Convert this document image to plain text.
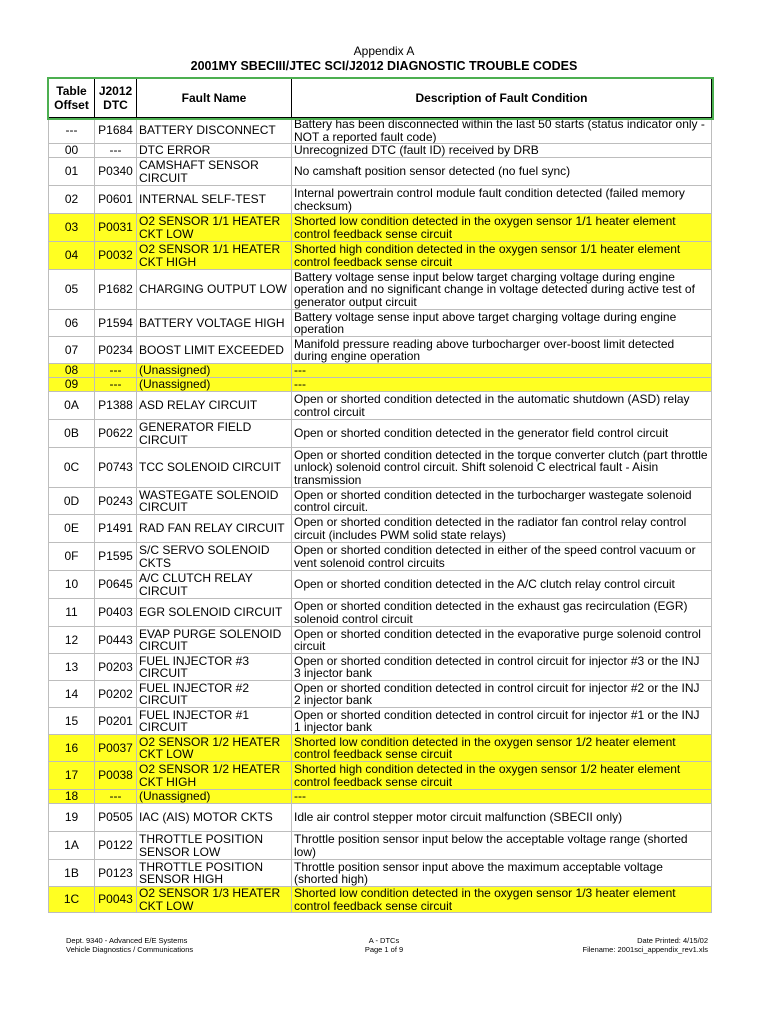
Appendix A
2001MY SBECIII/JTEC SCI/J2012 DIAGNOSTIC TROUBLE CODES
Table Offset	J2012 DTC	Fault Name	Description of Fault Condition
---	P1684	BATTERY DISCONNECT	Battery has been disconnected within the last 50 starts (status indicator only - NOT a reported fault code)
00	---	DTC ERROR	Unrecognized DTC (fault ID) received by DRB
01	P0340	CAMSHAFT SENSOR CIRCUIT	No camshaft position sensor detected (no fuel sync)
02	P0601	INTERNAL SELF-TEST	Internal powertrain control module fault condition detected (failed memory checksum)
03	P0031	O2 SENSOR 1/1 HEATER CKT LOW	Shorted low condition detected in the oxygen sensor 1/1 heater element control feedback sense circuit
04	P0032	O2 SENSOR 1/1 HEATER CKT HIGH	Shorted high condition detected in the oxygen sensor 1/1 heater element control feedback sense circuit
05	P1682	CHARGING OUTPUT LOW	Battery voltage sense input below target charging voltage during engine operation and no significant change in voltage detected during active test of generator output circuit
06	P1594	BATTERY VOLTAGE HIGH	Battery voltage sense input above target charging voltage during engine operation
07	P0234	BOOST LIMIT EXCEEDED	Manifold pressure reading above turbocharger over-boost limit detected during engine operation
08	---	(Unassigned)	---
09	---	(Unassigned)	---
0A	P1388	ASD RELAY CIRCUIT	Open or shorted condition detected in the automatic shutdown (ASD) relay control circuit
0B	P0622	GENERATOR FIELD CIRCUIT	Open or shorted condition detected in the generator field control circuit
0C	P0743	TCC SOLENOID CIRCUIT	Open or shorted condition detected in the torque converter clutch (part throttle unlock) solenoid control circuit. Shift solenoid C electrical fault - Aisin transmission
0D	P0243	WASTEGATE SOLENOID CIRCUIT	Open or shorted condition detected in the turbocharger wastegate solenoid control circuit.
0E	P1491	RAD FAN RELAY CIRCUIT	Open or shorted condition detected in the radiator fan control relay control circuit (includes PWM solid state relays)
0F	P1595	S/C SERVO SOLENOID CKTS	Open or shorted condition detected in either of the speed control vacuum or vent solenoid control circuits
10	P0645	A/C CLUTCH RELAY CIRCUIT	Open or shorted condition detected in the A/C clutch relay control circuit
11	P0403	EGR SOLENOID CIRCUIT	Open or shorted condition detected in the exhaust gas recirculation (EGR) solenoid control circuit
12	P0443	EVAP PURGE SOLENOID CIRCUIT	Open or shorted condition detected in the evaporative purge solenoid control circuit
13	P0203	FUEL INJECTOR #3 CIRCUIT	Open or shorted condition detected in control circuit for injector #3 or the INJ 3 injector bank
14	P0202	FUEL INJECTOR #2 CIRCUIT	Open or shorted condition detected in control circuit for injector #2 or the INJ 2 injector bank
15	P0201	FUEL INJECTOR #1 CIRCUIT	Open or shorted condition detected in control circuit for injector #1 or the INJ 1 injector bank
16	P0037	O2 SENSOR 1/2 HEATER CKT LOW	Shorted low condition detected in the oxygen sensor 1/2 heater element control feedback sense circuit
17	P0038	O2 SENSOR 1/2 HEATER CKT HIGH	Shorted high condition detected in the oxygen sensor 1/2 heater element control feedback sense circuit
18	---	(Unassigned)	---
19	P0505	IAC (AIS) MOTOR CKTS	Idle air control stepper motor circuit malfunction (SBECII only)
1A	P0122	THROTTLE POSITION SENSOR LOW	Throttle position sensor input below the acceptable voltage range (shorted low)
1B	P0123	THROTTLE POSITION SENSOR HIGH	Throttle position sensor input above the maximum acceptable voltage (shorted high)
1C	P0043	O2 SENSOR 1/3 HEATER CKT LOW	Shorted low condition detected in the oxygen sensor 1/3 heater element control feedback sense circuit
Dept. 9340 - Advanced E/E Systems
Vehicle Diagnostics / Communications
A - DTCs
Page 1 of 9
Date Printed: 4/15/02
Filename: 2001sci_appendix_rev1.xls
